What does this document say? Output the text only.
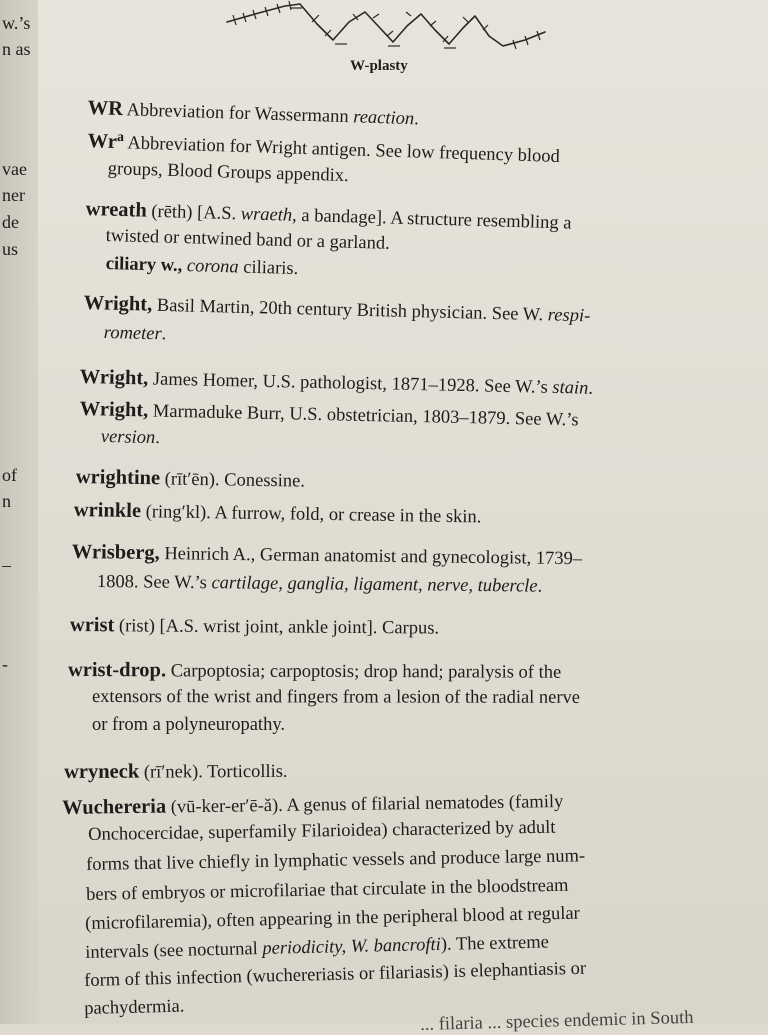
w.’s
n as
vae
ner
de
us
of
n
–
-
W-plasty
WR Abbreviation for Wassermann reaction.
Wr$^a$ Abbreviation for Wright antigen. See low frequency blood
groups, Blood Groups appendix.
wreath (rēth) [A.S. wraeth, a bandage]. A structure resembling a
twisted or entwined band or a garland.
ciliary w., corona ciliaris.
Wright, Basil Martin, 20th century British physician. See W. respi-
rometer.
Wright, James Homer, U.S. pathologist, 1871–1928. See W.’s stain.
Wright, Marmaduke Burr, U.S. obstetrician, 1803–1879. See W.’s
version.
wrightine (rīt′ēn). Conessine.
wrinkle (ring′kl). A furrow, fold, or crease in the skin.
Wrisberg, Heinrich A., German anatomist and gynecologist, 1739–
1808. See W.’s cartilage, ganglia, ligament, nerve, tubercle.
wrist (rist) [A.S. wrist joint, ankle joint]. Carpus.
wrist-drop. Carpoptosia; carpoptosis; drop hand; paralysis of the
extensors of the wrist and fingers from a lesion of the radial nerve
or from a polyneuropathy.
wryneck (rī′nek). Torticollis.
Wuchereria (vū-ker-er′ē-ă). A genus of filarial nematodes (family
Onchocercidae, superfamily Filarioidea) characterized by adult
forms that live chiefly in lymphatic vessels and produce large num-
bers of embryos or microfilariae that circulate in the bloodstream
(microfilaremia), often appearing in the peripheral blood at regular
intervals (see nocturnal periodicity, W. bancrofti). The extreme
form of this infection (wuchereriasis or filariasis) is elephantiasis or
pachydermia.
... filaria ... species endemic in South
